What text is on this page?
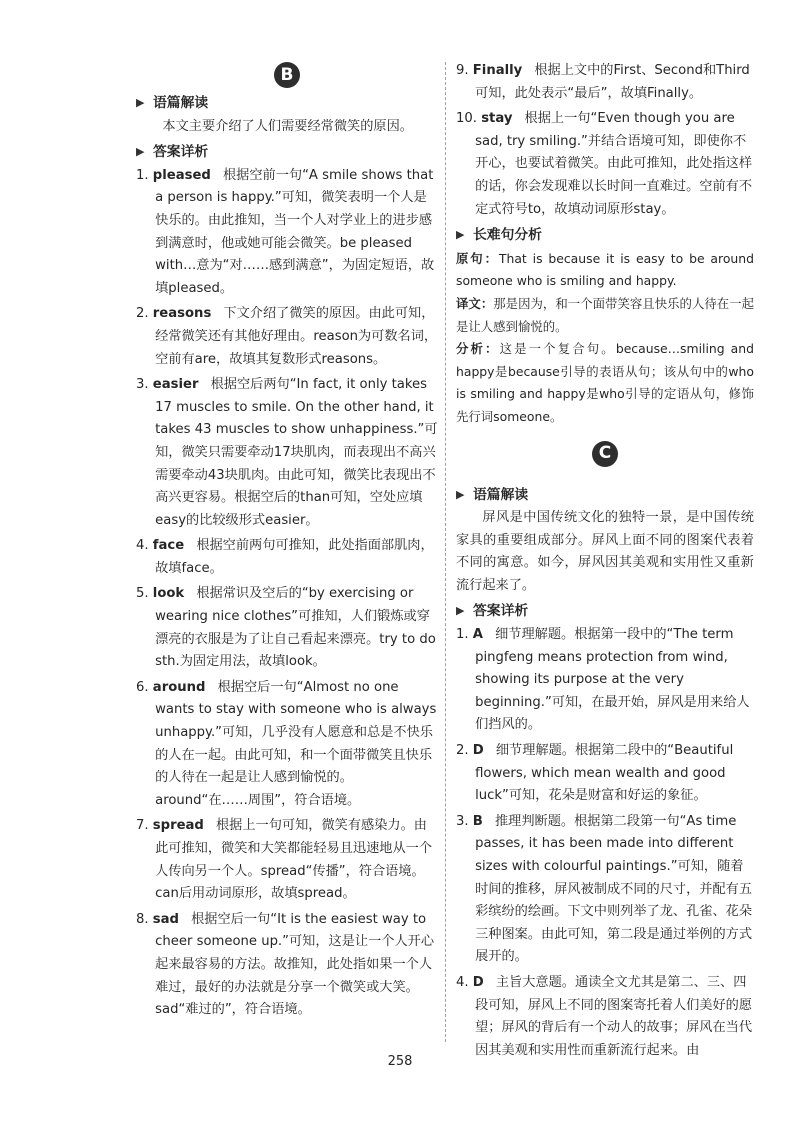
B
▶ 语篇解读

本文主要介绍了人们需要经常微笑的原因。

▶ 答案详析
1. pleased 根据空前一句“A smile shows that a person is happy.”可知，微笑表明一个人是快乐的。由此推知，当一个人对学业上的进步感到满意时，他或她可能会微笑。be pleased with…意为“对……感到满意”，为固定短语，故填pleased。
2. reasons 下文介绍了微笑的原因。由此可知，经常微笑还有其他好理由。reason为可数名词，空前有are，故填其复数形式reasons。
3. easier 根据空后两句“In fact, it only takes 17 muscles to smile. On the other hand, it takes 43 muscles to show unhappiness.”可知，微笑只需要牵动17块肌肉，而表现出不高兴需要牵动43块肌肉。由此可知，微笑比表现出不高兴更容易。根据空后的than可知，空处应填easy的比较级形式easier。
4. face 根据空前两句可推知，此处指面部肌肉，故填face。
5. look 根据常识及空后的“by exercising or wearing nice clothes”可推知，人们锻炼或穿漂亮的衣服是为了让自己看起来漂亮。try to do sth.为固定用法，故填look。
6. around 根据空后一句“Almost no one wants to stay with someone who is always unhappy.”可知，几乎没有人愿意和总是不快乐的人在一起。由此可知，和一个面带微笑且快乐的人待在一起是让人感到愉悦的。around“在……周围”，符合语境。
7. spread 根据上一句可知，微笑有感染力。由此可推知，微笑和大笑都能轻易且迅速地从一个人传向另一个人。spread“传播”，符合语境。can后用动词原形，故填spread。
8. sad 根据空后一句“It is the easiest way to cheer someone up.”可知，这是让一个人开心起来最容易的方法。故推知，此处指如果一个人难过，最好的办法就是分享一个微笑或大笑。sad“难过的”，符合语境。
9. Finally 根据上文中的First、Second和Third可知，此处表示“最后”，故填Finally。
10. stay 根据上一句“Even though you are sad, try smiling.”并结合语境可知，即使你不开心，也要试着微笑。由此可推知，此处指这样的话，你会发现难以长时间一直难过。空前有不定式符号to，故填动词原形stay。
▶ 长难句分析

原句：That is because it is easy to be around someone who is smiling and happy.

译文：那是因为，和一个面带笑容且快乐的人待在一起是让人感到愉悦的。

分析：这是一个复合句。because…smiling and happy是because引导的表语从句；该从句中的who is smiling and happy是who引导的定语从句，修饰先行词someone。

C
▶ 语篇解读

屏风是中国传统文化的独特一景，是中国传统家具的重要组成部分。屏风上面不同的图案代表着不同的寓意。如今，屏风因其美观和实用性又重新流行起来了。

▶ 答案详析
1. A 细节理解题。根据第一段中的“The term pingfeng means protection from wind, showing its purpose at the very beginning.”可知，在最开始，屏风是用来给人们挡风的。
2. D 细节理解题。根据第二段中的“Beautiful flowers, which mean wealth and good luck”可知，花朵是财富和好运的象征。
3. B 推理判断题。根据第二段第一句“As time passes, it has been made into different sizes with colourful paintings.”可知，随着时间的推移，屏风被制成不同的尺寸，并配有五彩缤纷的绘画。下文中则列举了龙、孔雀、花朵三种图案。由此可知，第二段是通过举例的方式展开的。
4. D 主旨大意题。通读全文尤其是第二、三、四段可知，屏风上不同的图案寄托着人们美好的愿望；屏风的背后有一个动人的故事；屏风在当代因其美观和实用性而重新流行起来。由
258
